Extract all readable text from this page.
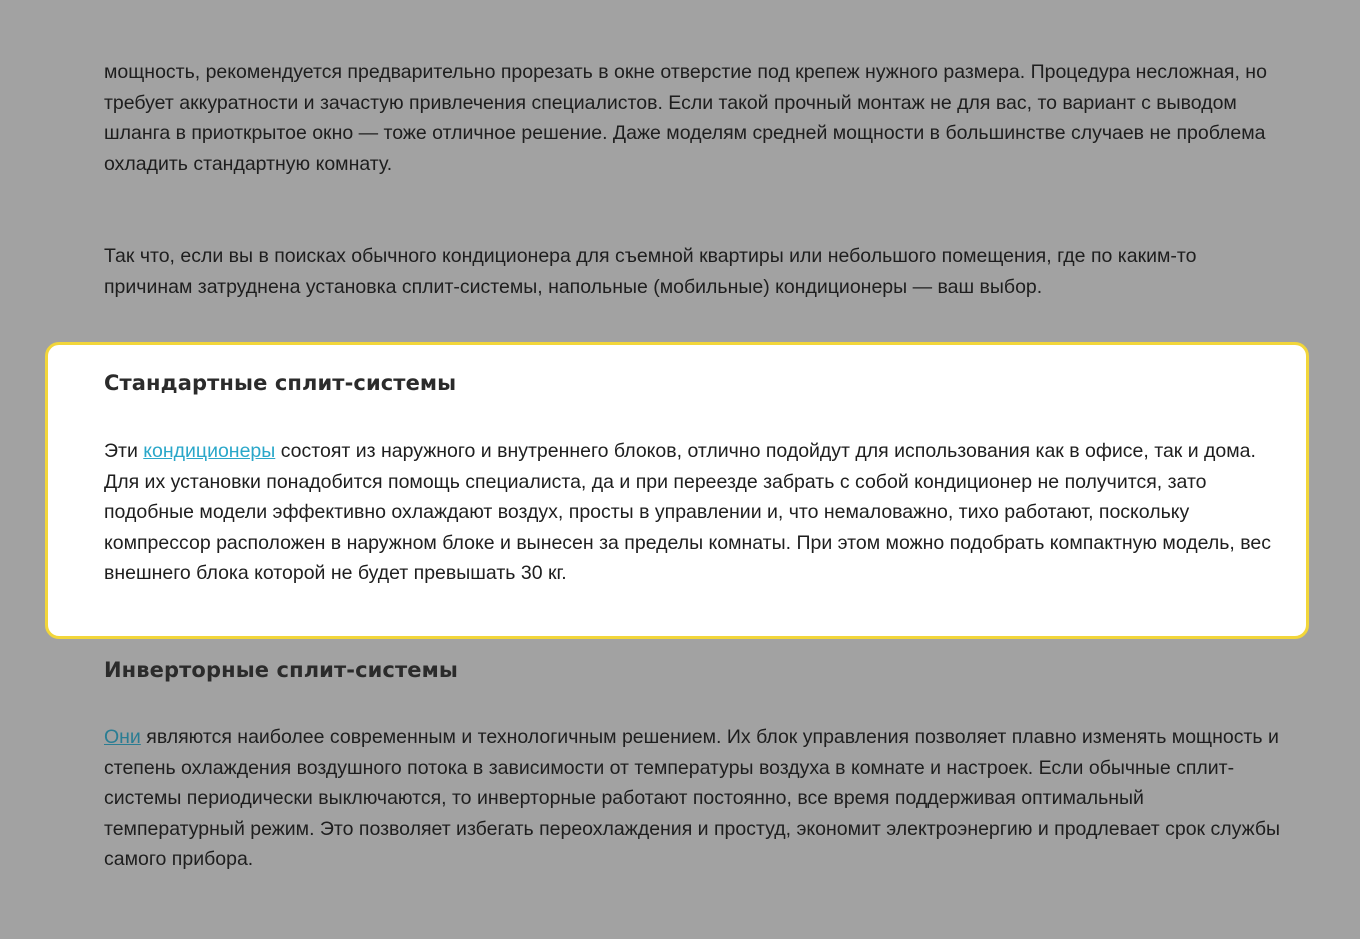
мощность, рекомендуется предварительно прорезать в окне отверстие под крепеж нужного размера. Процедура несложная, но требует аккуратности и зачастую привлечения специалистов. Если такой прочный монтаж не для вас, то вариант с выводом шланга в приоткрытое окно — тоже отличное решение. Даже моделям средней мощности в большинстве случаев не проблема охладить стандартную комнату.

Так что, если вы в поисках обычного кондиционера для съемной квартиры или небольшого помещения, где по каким-то причинам затруднена установка сплит-системы, напольные (мобильные) кондиционеры — ваш выбор.

Стандартные сплит-системы

Эти кондиционеры состоят из наружного и внутреннего блоков, отлично подойдут для использования как в офисе, так и дома. Для их установки понадобится помощь специалиста, да и при переезде забрать с собой кондиционер не получится, зато подобные модели эффективно охлаждают воздух, просты в управлении и, что немаловажно, тихо работают, поскольку компрессор расположен в наружном блоке и вынесен за пределы комнаты. При этом можно подобрать компактную модель, вес внешнего блока которой не будет превышать 30 кг.

Инверторные сплит-системы

Они являются наиболее современным и технологичным решением. Их блок управления позволяет плавно изменять мощность и степень охлаждения воздушного потока в зависимости от температуры воздуха в комнате и настроек. Если обычные сплит-системы периодически выключаются, то инверторные работают постоянно, все время поддерживая оптимальный температурный режим. Это позволяет избегать переохлаждения и простуд, экономит электроэнергию и продлевает срок службы самого прибора.
